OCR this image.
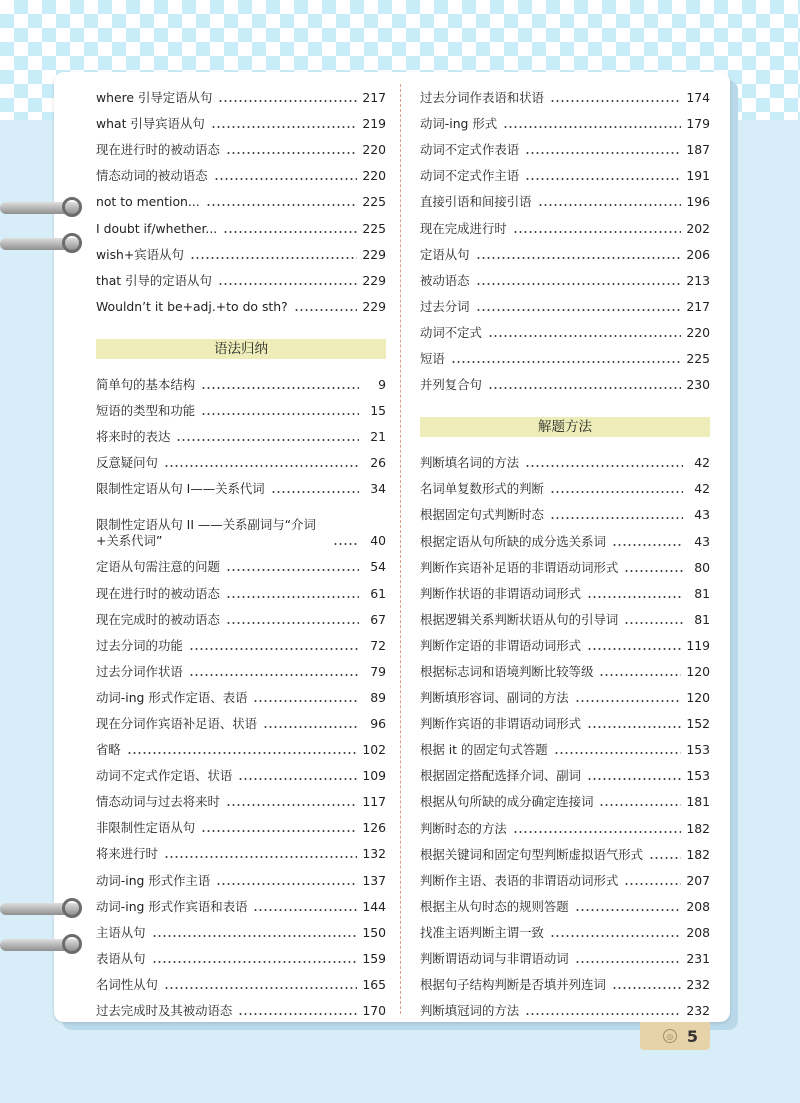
where 引导定语从句	217
what 引导宾语从句	219
现在进行时的被动语态	220
情态动词的被动语态	220
not to mention...	225
I doubt if/whether...	225
wish+宾语从句	229
that 引导的定语从句	229
Wouldn’t it be+adj.+to do sth?	229
语法归纳
简单句的基本结构	9
短语的类型和功能	15
将来时的表达	21
反意疑问句	26
限制性定语从句 I——关系代词	34
限制性定语从句 II ——关系副词与“介词+关系代词”	40
定语从句需注意的问题	54
现在进行时的被动语态	61
现在完成时的被动语态	67
过去分词的功能	72
过去分词作状语	79
动词-ing 形式作定语、表语	89
现在分词作宾语补足语、状语	96
省略	102
动词不定式作定语、状语	109
情态动词与过去将来时	117
非限制性定语从句	126
将来进行时	132
动词-ing 形式作主语	137
动词-ing 形式作宾语和表语	144
主语从句	150
表语从句	159
名词性从句	165
过去完成时及其被动语态	170
过去分词作表语和状语	174
动词-ing 形式	179
动词不定式作表语	187
动词不定式作主语	191
直接引语和间接引语	196
现在完成进行时	202
定语从句	206
被动语态	213
过去分词	217
动词不定式	220
短语	225
并列复合句	230
解题方法
判断填名词的方法	42
名词单复数形式的判断	42
根据固定句式判断时态	43
根据定语从句所缺的成分选关系词	43
判断作宾语补足语的非谓语动词形式	80
判断作状语的非谓语动词形式	81
根据逻辑关系判断状语从句的引导词	81
判断作定语的非谓语动词形式	119
根据标志词和语境判断比较等级	120
判断填形容词、副词的方法	120
判断作宾语的非谓语动词形式	152
根据 it 的固定句式答题	153
根据固定搭配选择介词、副词	153
根据从句所缺的成分确定连接词	181
判断时态的方法	182
根据关键词和固定句型判断虚拟语气形式	182
判断作主语、表语的非谓语动词形式	207
根据主从句时态的规则答题	208
找准主语判断主谓一致	208
判断谓语动词与非谓语动词	231
根据句子结构判断是否填并列连词	232
判断填冠词的方法	232
◎ 5
